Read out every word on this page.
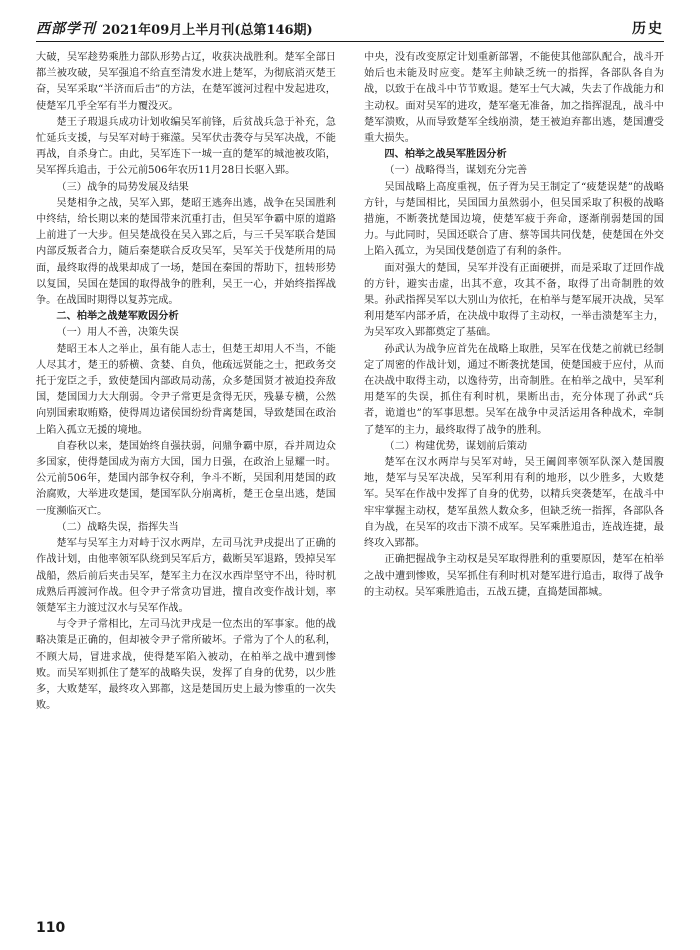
西部学刊 2021年09月上半月刊(总第146期)	历史

大破，吴军趁势乘胜力部队形势占辽，收获决战胜利。楚军全部日都兰被攻破，吴军强追不给直至清发水进上楚军，为彻底消灭楚王奋，吴军采取“半济而后击”的方法，在楚军渡河过程中发起进攻，使楚军几乎全军有半力覆没灭。

楚王子瑕退兵成功计划收编吴军前锋，后贫战兵急于补充，急忙延兵支援，与吴军对峙于雍澨。吴军伏击袭夺与吴军决战，不能再战，自杀身亡。由此，吴军连下一城一直的楚军的城池被攻陷，吴军挥兵追击，于公元前506年农历11月28日长驱入郢。

（三）战争的局势发展及结果

吴楚相争之战，吴军入郢，楚昭王逃奔出逃，战争在吴国胜利中终结，给长期以来的楚国带来沉重打击，但吴军争霸中原的道路上前进了一大步。但吴楚战役在吴入郢之后，与三千吴军联合楚国内部反叛者合力，随后秦楚联合反攻吴军，吴军关于伐楚所用的局面，最终取得的战果却成了一场，楚国在秦国的帮助下，扭转形势以复国，吴国在楚国的取得战争的胜利，吴王一心，并始终指挥战争。在战国时期得以复苏完成。

二、柏举之战楚军败因分析

（一）用人不善，决策失误

楚昭王本人之举止，虽有能人志士，但楚王却用人不当，不能人尽其才，楚王的骄横、贪婪、自负，他疏远贤能之士，把政务交托于宠臣之手，致使楚国内部政局动荡，众多楚国贤才被迫投奔敌国，楚国国力大大削弱。令尹子常更是贪得无厌，残暴专横，公然向别国索取贿赂，使得周边诸侯国纷纷背离楚国，导致楚国在政治上陷入孤立无援的境地。

自春秋以来，楚国始终自强扶弱，问鼎争霸中原，吞并周边众多国家，使得楚国成为南方大国，国力日强，在政治上显耀一时。公元前506年，楚国内部争权夺利，争斗不断，吴国利用楚国的政治腐败，大举进攻楚国，楚国军队分崩离析，楚王仓皇出逃，楚国一度濒临灭亡。

（二）战略失误，指挥失当

楚军与吴军主力对峙于汉水两岸，左司马沈尹戌提出了正确的作战计划，由他率领军队绕到吴军后方，截断吴军退路，毁掉吴军战船，然后前后夹击吴军，楚军主力在汉水西岸坚守不出，待时机成熟后再渡河作战。但令尹子常贪功冒进，擅自改变作战计划，率领楚军主力渡过汉水与吴军作战。

与令尹子常相比，左司马沈尹戌是一位杰出的军事家。他的战略决策是正确的，但却被令尹子常所破坏。子常为了个人的私利，不顾大局，冒进求战，使得楚军陷入被动，在柏举之战中遭到惨败。而吴军则抓住了楚军的战略失误，发挥了自身的优势，以少胜多，大败楚军，最终攻入郢都，这是楚国历史上最为惨重的一次失败。

中央，没有改变原定计划重新部署，不能使其他部队配合，战斗开始后也未能及时应变。楚军主帅缺乏统一的指挥，各部队各自为战，以致于在战斗中节节败退。楚军士气大减，失去了作战能力和主动权。面对吴军的进攻，楚军毫无准备，加之指挥混乱，战斗中楚军溃败，从而导致楚军全线崩溃，楚王被迫弃都出逃，楚国遭受重大损失。

四、柏举之战吴军胜因分析

（一）战略得当，谋划充分完善

吴国战略上高度重视，伍子胥为吴王制定了“疲楚误楚”的战略方针，与楚国相比，吴国国力虽然弱小，但吴国采取了积极的战略措施，不断袭扰楚国边境，使楚军疲于奔命，逐渐削弱楚国的国力。与此同时，吴国还联合了唐、蔡等国共同伐楚，使楚国在外交上陷入孤立，为吴国伐楚创造了有利的条件。

面对强大的楚国，吴军并没有正面硬拼，而是采取了迂回作战的方针，避实击虚，出其不意，攻其不备，取得了出奇制胜的效果。孙武指挥吴军以大别山为依托，在柏举与楚军展开决战，吴军利用楚军内部矛盾，在决战中取得了主动权，一举击溃楚军主力，为吴军攻入郢都奠定了基础。

孙武认为战争应首先在战略上取胜，吴军在伐楚之前就已经制定了周密的作战计划，通过不断袭扰楚国，使楚国疲于应付，从而在决战中取得主动，以逸待劳，出奇制胜。在柏举之战中，吴军利用楚军的失误，抓住有利时机，果断出击，充分体现了孙武“兵者，诡道也”的军事思想。吴军在战争中灵活运用各种战术，牵制了楚军的主力，最终取得了战争的胜利。

（二）构建优势，谋划前后策动

楚军在汉水两岸与吴军对峙，吴王阖闾率领军队深入楚国腹地，楚军与吴军决战，吴军利用有利的地形，以少胜多，大败楚军。吴军在作战中发挥了自身的优势，以精兵突袭楚军，在战斗中牢牢掌握主动权，楚军虽然人数众多，但缺乏统一指挥，各部队各自为战，在吴军的攻击下溃不成军。吴军乘胜追击，连战连捷，最终攻入郢都。

正确把握战争主动权是吴军取得胜利的重要原因，楚军在柏举之战中遭到惨败，吴军抓住有利时机对楚军进行追击，取得了战争的主动权。吴军乘胜追击，五战五捷，直捣楚国都城。

110
